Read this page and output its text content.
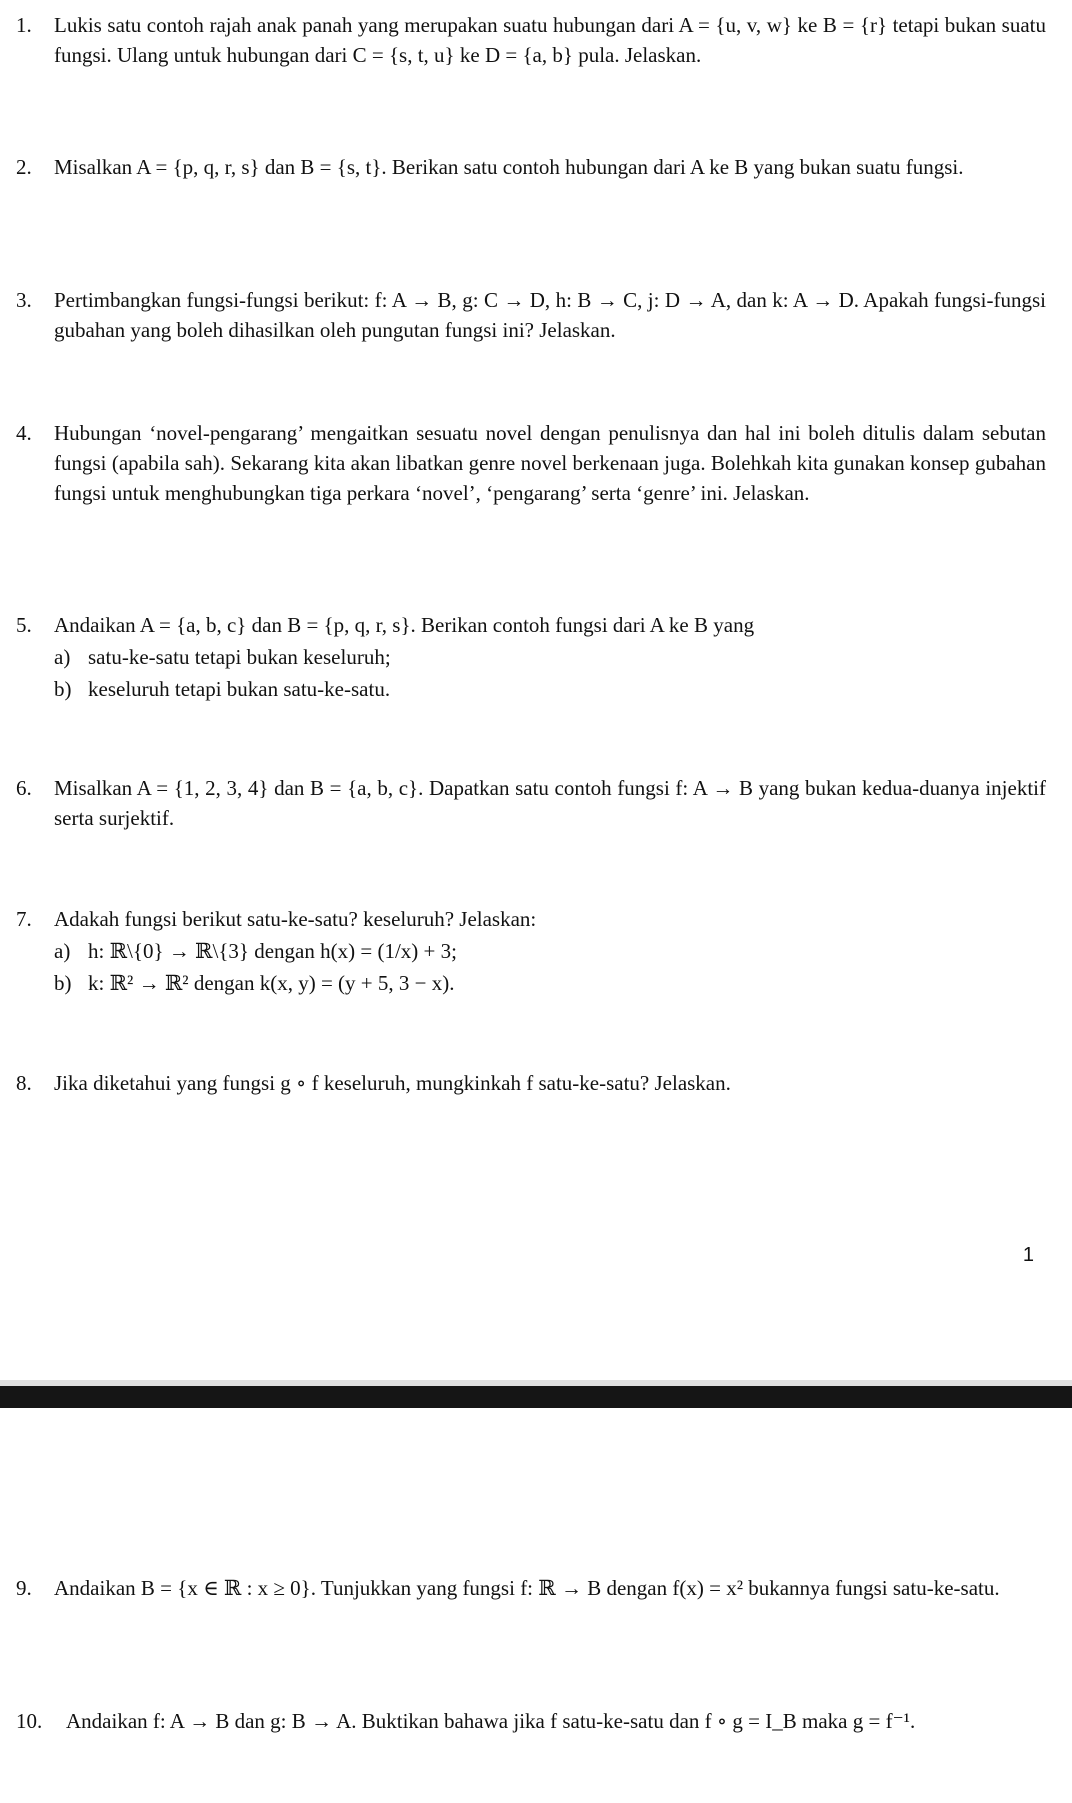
1.	Lukis satu contoh rajah anak panah yang merupakan suatu hubungan dari A = {u, v, w} ke B = {r} tetapi bukan suatu fungsi. Ulang untuk hubungan dari C = {s, t, u} ke D = {a, b} pula. Jelaskan.
2.	Misalkan A = {p, q, r, s} dan B = {s, t}. Berikan satu contoh hubungan dari A ke B yang bukan suatu fungsi.
3.	Pertimbangkan fungsi-fungsi berikut: f: A → B, g: C → D, h: B → C, j: D → A, dan k: A → D. Apakah fungsi-fungsi gubahan yang boleh dihasilkan oleh pungutan fungsi ini? Jelaskan.
4.	Hubungan ‘novel-pengarang’ mengaitkan sesuatu novel dengan penulisnya dan hal ini boleh ditulis dalam sebutan fungsi (apabila sah). Sekarang kita akan libatkan genre novel berkenaan juga. Bolehkah kita gunakan konsep gubahan fungsi untuk menghubungkan tiga perkara ‘novel’, ‘pengarang’ serta ‘genre’ ini. Jelaskan.
5.	Andaikan A = {a, b, c} dan B = {p, q, r, s}. Berikan contoh fungsi dari A ke B yang
a) satu-ke-satu tetapi bukan keseluruh;
b) keseluruh tetapi bukan satu-ke-satu.
6.	Misalkan A = {1, 2, 3, 4} dan B = {a, b, c}. Dapatkan satu contoh fungsi f: A → B yang bukan kedua-duanya injektif serta surjektif.
7.	Adakah fungsi berikut satu-ke-satu? keseluruh? Jelaskan:
a) h: ℝ\{0} → ℝ\{3} dengan h(x) = (1/x) + 3;
b) k: ℝ² → ℝ² dengan k(x, y) = (y + 5, 3 − x).
8.	Jika diketahui yang fungsi g ∘ f keseluruh, mungkinkah f satu-ke-satu? Jelaskan.
1
9.	Andaikan B = {x ∈ ℝ : x ≥ 0}. Tunjukkan yang fungsi f: ℝ → B dengan f(x) = x² bukannya fungsi satu-ke-satu.
10.	Andaikan f: A → B dan g: B → A. Buktikan bahawa jika f satu-ke-satu dan f ∘ g = I_B maka g = f⁻¹.
